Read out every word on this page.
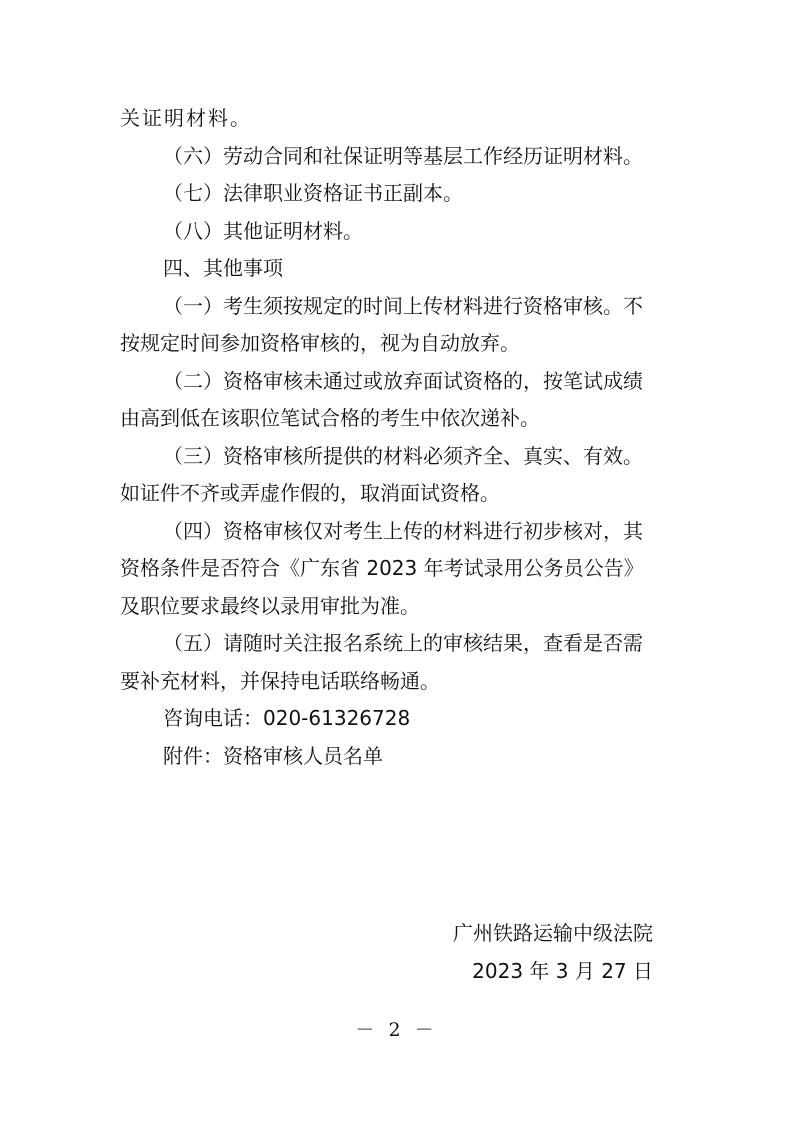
关证明材料。
（六）劳动合同和社保证明等基层工作经历证明材料。
（七）法律职业资格证书正副本。
（八）其他证明材料。
四、其他事项
（一）考生须按规定的时间上传材料进行资格审核。不
按规定时间参加资格审核的，视为自动放弃。
（二）资格审核未通过或放弃面试资格的，按笔试成绩
由高到低在该职位笔试合格的考生中依次递补。
（三）资格审核所提供的材料必须齐全、真实、有效。
如证件不齐或弄虚作假的，取消面试资格。
（四）资格审核仅对考生上传的材料进行初步核对，其
资格条件是否符合《广东省 2023 年考试录用公务员公告》
及职位要求最终以录用审批为准。
（五）请随时关注报名系统上的审核结果，查看是否需
要补充材料，并保持电话联络畅通。
咨询电话：020-61326728
附件：资格审核人员名单
广州铁路运输中级法院
2023 年 3 月 27 日
－ 2 －
